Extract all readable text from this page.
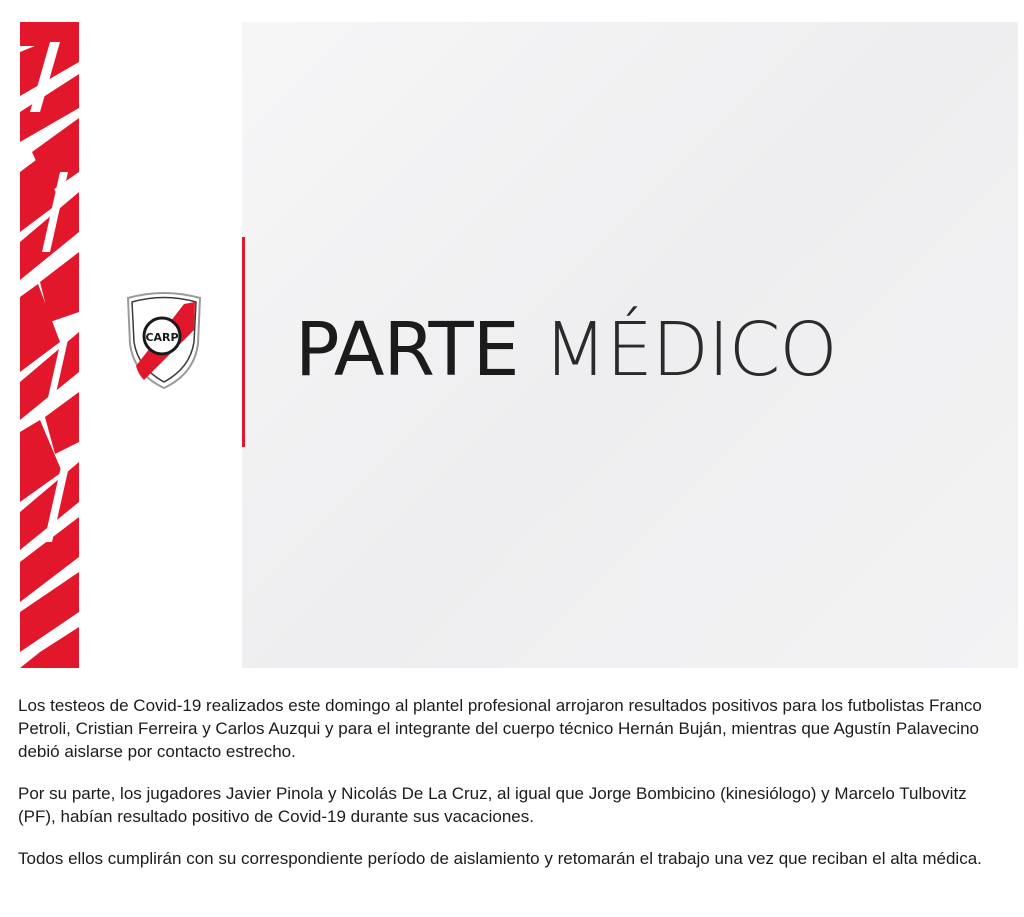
CARP PARTE MÉDICO

Los testeos de Covid-19 realizados este domingo al plantel profesional arrojaron resultados positivos para los futbolistas Franco Petroli, Cristian Ferreira y Carlos Auzqui y para el integrante del cuerpo técnico Hernán Buján, mientras que Agustín Palavecino debió aislarse por contacto estrecho.

Por su parte, los jugadores Javier Pinola y Nicolás De La Cruz, al igual que Jorge Bombicino (kinesiólogo) y Marcelo Tulbovitz (PF), habían resultado positivo de Covid-19 durante sus vacaciones.

Todos ellos cumplirán con su correspondiente período de aislamiento y retomarán el trabajo una vez que reciban el alta médica.
